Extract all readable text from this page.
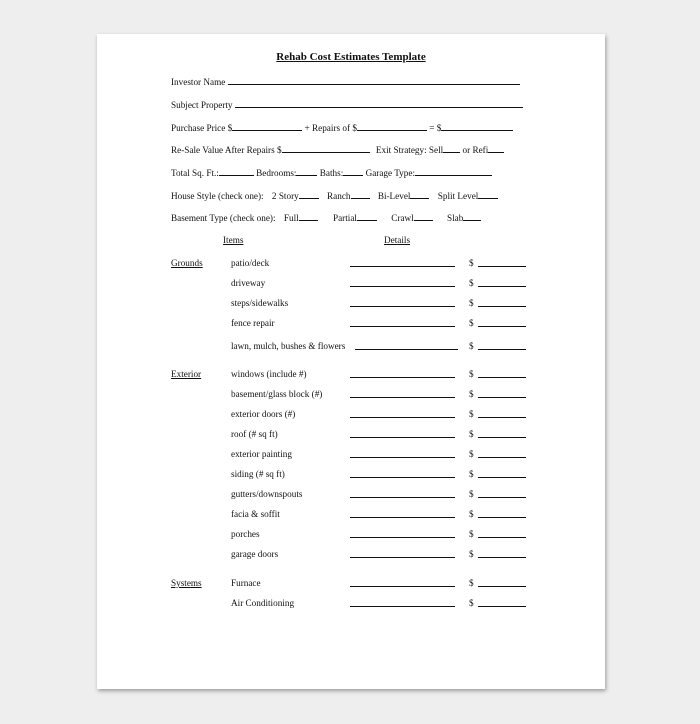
Rehab Cost Estimates Template
Investor Name
Subject Property
Purchase Price $	+ Repairs of $	= $
Re-Sale Value After Repairs $	Exit Strategy: Sell or Refi
Total Sq. Ft.:	Bedrooms:	Baths: Garage Type:
House Style (check one): 2 Story	Ranch	Bi-Level	Split Level
Basement Type (check one): Full	Partial	Crawl	Slab
Items	Details
Grounds	patio/deck	$
driveway	$
steps/sidewalks	$
fence repair	$
lawn, mulch, bushes & flowers	$
Exterior	windows (include #)	$
basement/glass block (#)	$
exterior doors (#)	$
roof (# sq ft)	$
exterior painting	$
siding (# sq ft)	$
gutters/downspouts	$
facia & soffit	$
porches	$
garage doors	$
Systems	Furnace	$
Air Conditioning	$
